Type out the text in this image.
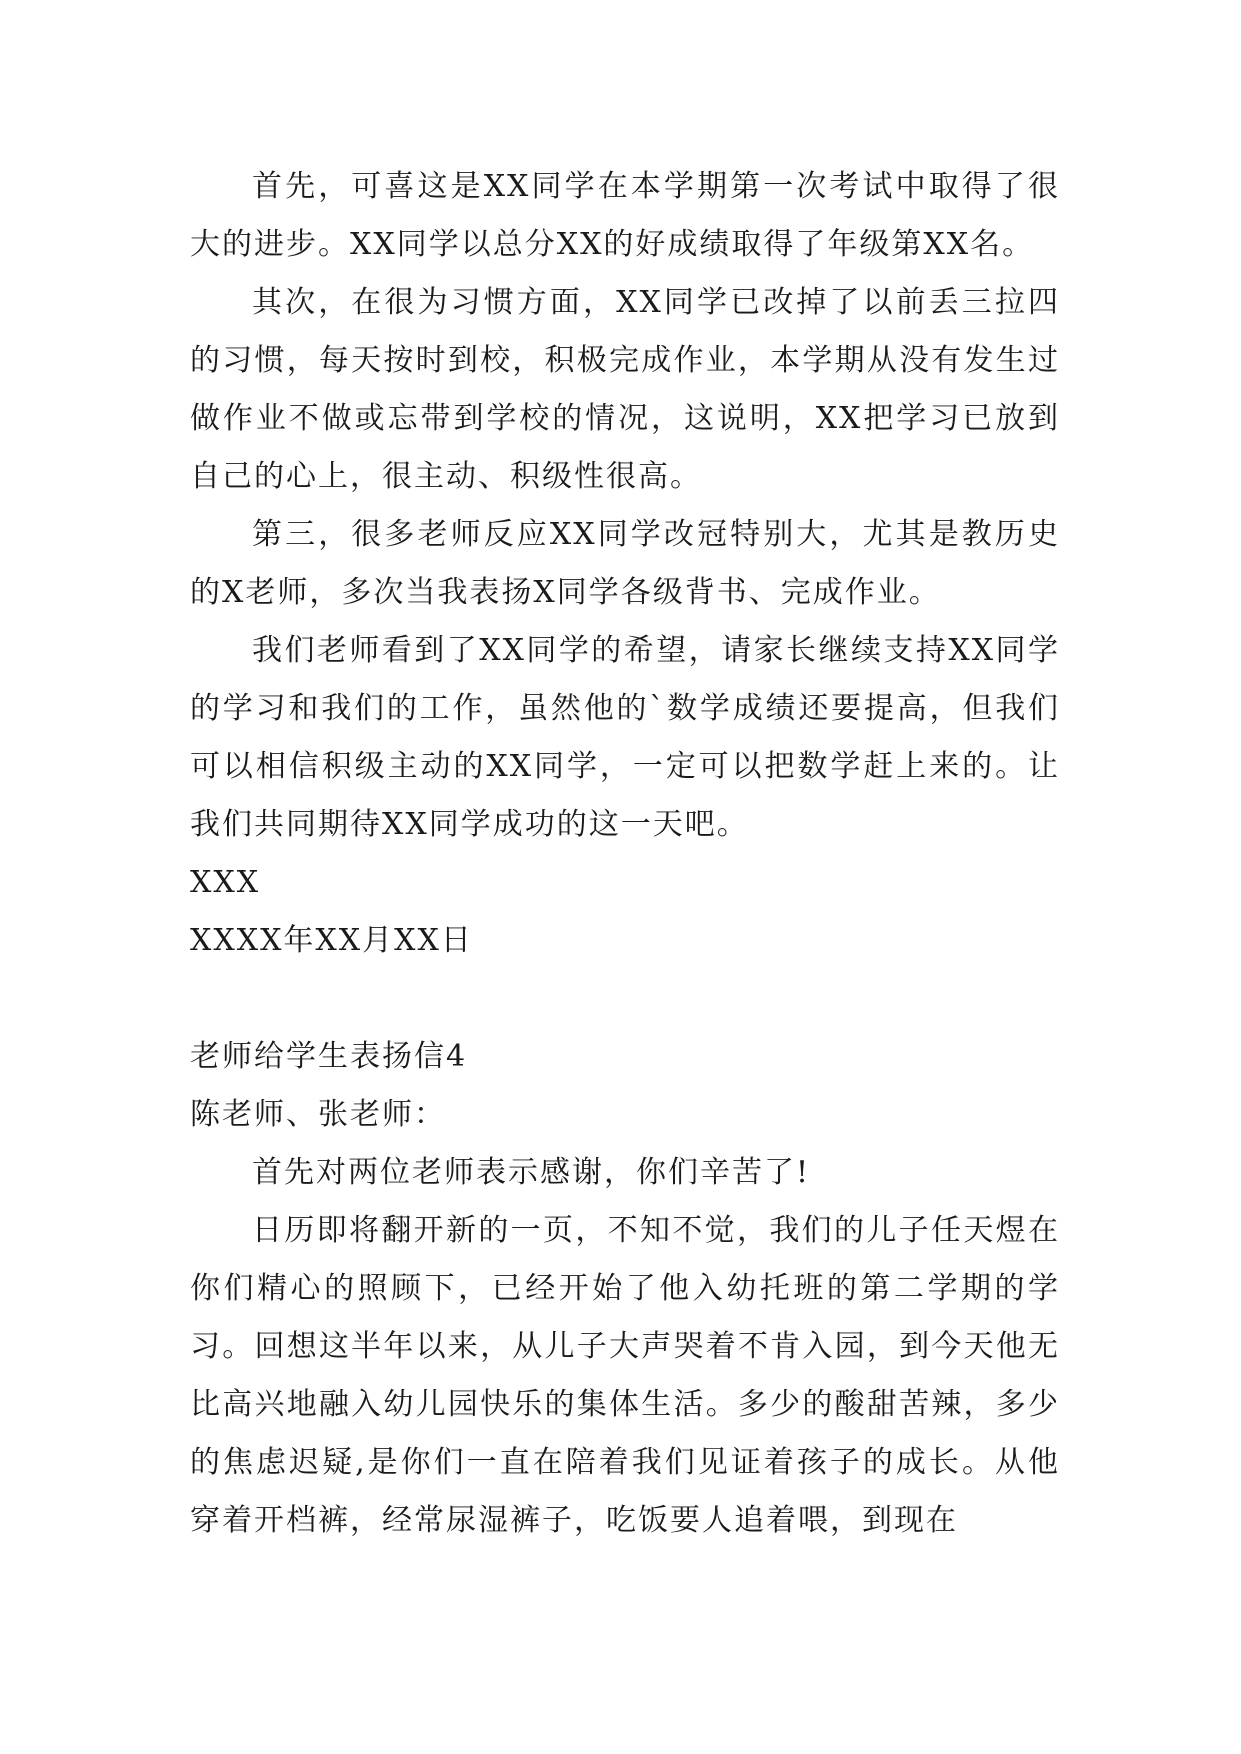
首先，可喜这是XX同学在本学期第一次考试中取得了很大的进步。XX同学以总分XX的好成绩取得了年级第XX名。

其次，在很为习惯方面，XX同学已改掉了以前丢三拉四的习惯，每天按时到校，积极完成作业，本学期从没有发生过做作业不做或忘带到学校的情况，这说明，XX把学习已放到自己的心上，很主动、积级性很高。

第三，很多老师反应XX同学改冠特别大，尤其是教历史的X老师，多次当我表扬X同学各级背书、完成作业。

我们老师看到了XX同学的希望，请家长继续支持XX同学的学习和我们的工作，虽然他的`数学成绩还要提高，但我们可以相信积级主动的XX同学，一定可以把数学赶上来的。让我们共同期待XX同学成功的这一天吧。

XXX

XXXX年XX月XX日

老师给学生表扬信4

陈老师、张老师：

首先对两位老师表示感谢，你们辛苦了!

日历即将翻开新的一页，不知不觉，我们的儿子任天煜在你们精心的照顾下，已经开始了他入幼托班的第二学期的学习。回想这半年以来，从儿子大声哭着不肯入园，到今天他无比高兴地融入幼儿园快乐的集体生活。多少的酸甜苦辣，多少的焦虑迟疑,是你们一直在陪着我们见证着孩子的成长。从他穿着开档裤，经常尿湿裤子，吃饭要人追着喂，到现在
